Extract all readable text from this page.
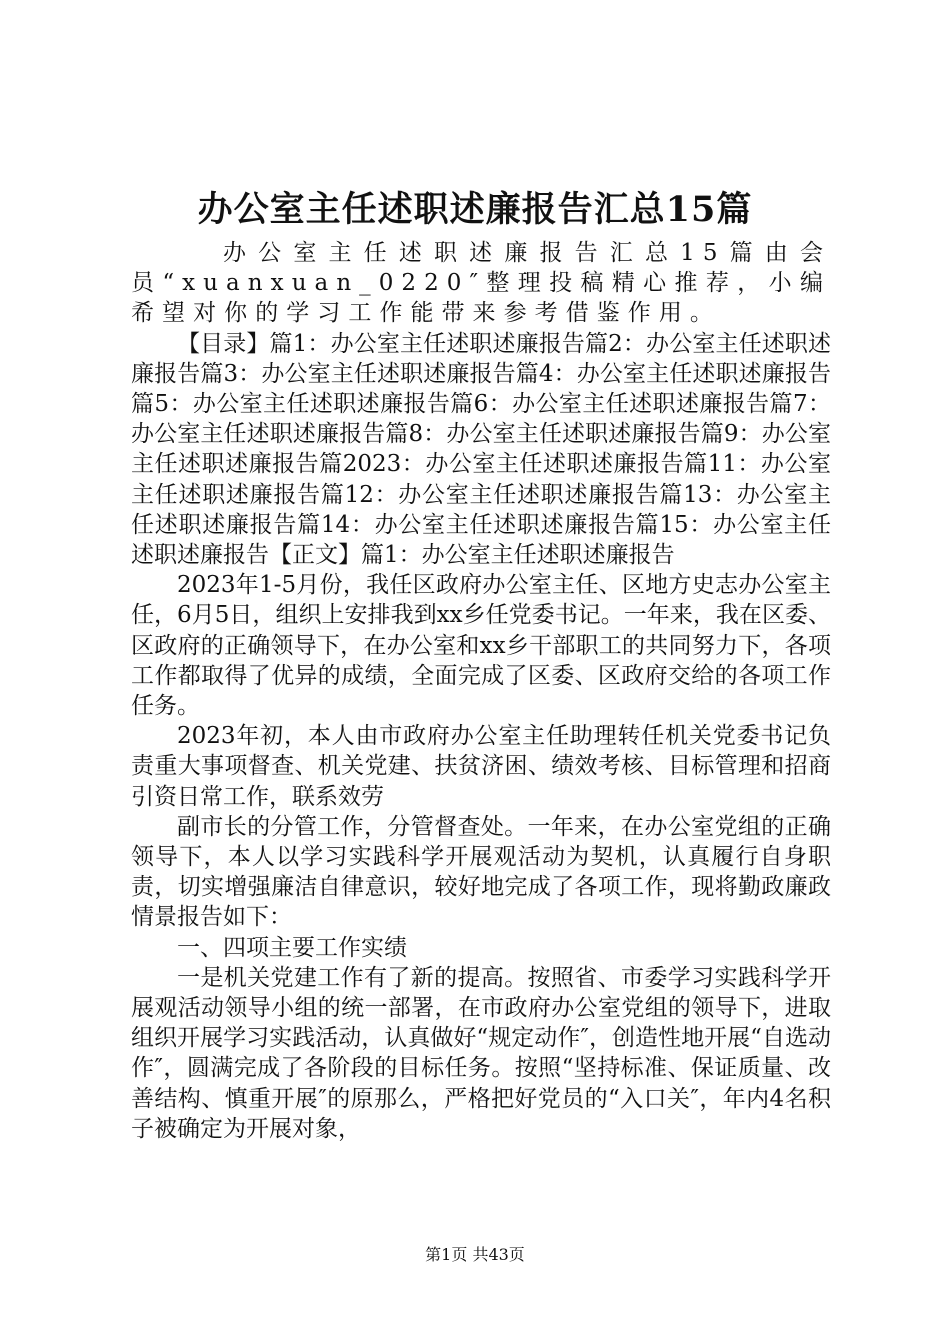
办公室主任述职述廉报告汇总15篇

办公室主任述职述廉报告汇总15篇由会员“xuanxuan_0220″整理投稿精心推荐，小编希望对你的学习工作能带来参考借鉴作用。

【目录】篇1：办公室主任述职述廉报告篇2：办公室主任述职述廉报告篇3：办公室主任述职述廉报告篇4：办公室主任述职述廉报告篇5：办公室主任述职述廉报告篇6：办公室主任述职述廉报告篇7：办公室主任述职述廉报告篇8：办公室主任述职述廉报告篇9：办公室主任述职述廉报告篇2023：办公室主任述职述廉报告篇11：办公室主任述职述廉报告篇12：办公室主任述职述廉报告篇13：办公室主任述职述廉报告篇14：办公室主任述职述廉报告篇15：办公室主任述职述廉报告【正文】篇1：办公室主任述职述廉报告

2023年1-5月份，我任区政府办公室主任、区地方史志办公室主任，6月5日，组织上安排我到xx乡任党委书记。一年来，我在区委、区政府的正确领导下，在办公室和xx乡干部职工的共同努力下，各项工作都取得了优异的成绩，全面完成了区委、区政府交给的各项工作任务。

2023年初，本人由市政府办公室主任助理转任机关党委书记负责重大事项督查、机关党建、扶贫济困、绩效考核、目标管理和招商引资日常工作，联系效劳

副市长的分管工作，分管督查处。一年来，在办公室党组的正确领导下，本人以学习实践科学开展观活动为契机，认真履行自身职责，切实增强廉洁自律意识，较好地完成了各项工作，现将勤政廉政情景报告如下：

一、四项主要工作实绩

一是机关党建工作有了新的提高。按照省、市委学习实践科学开展观活动领导小组的统一部署，在市政府办公室党组的领导下，进取组织开展学习实践活动，认真做好“规定动作″，创造性地开展“自选动作″，圆满完成了各阶段的目标任务。按照“坚持标准、保证质量、改善结构、慎重开展″的原那么，严格把好党员的“入口关″，年内4名积子被确定为开展对象，

第1页 共43页
